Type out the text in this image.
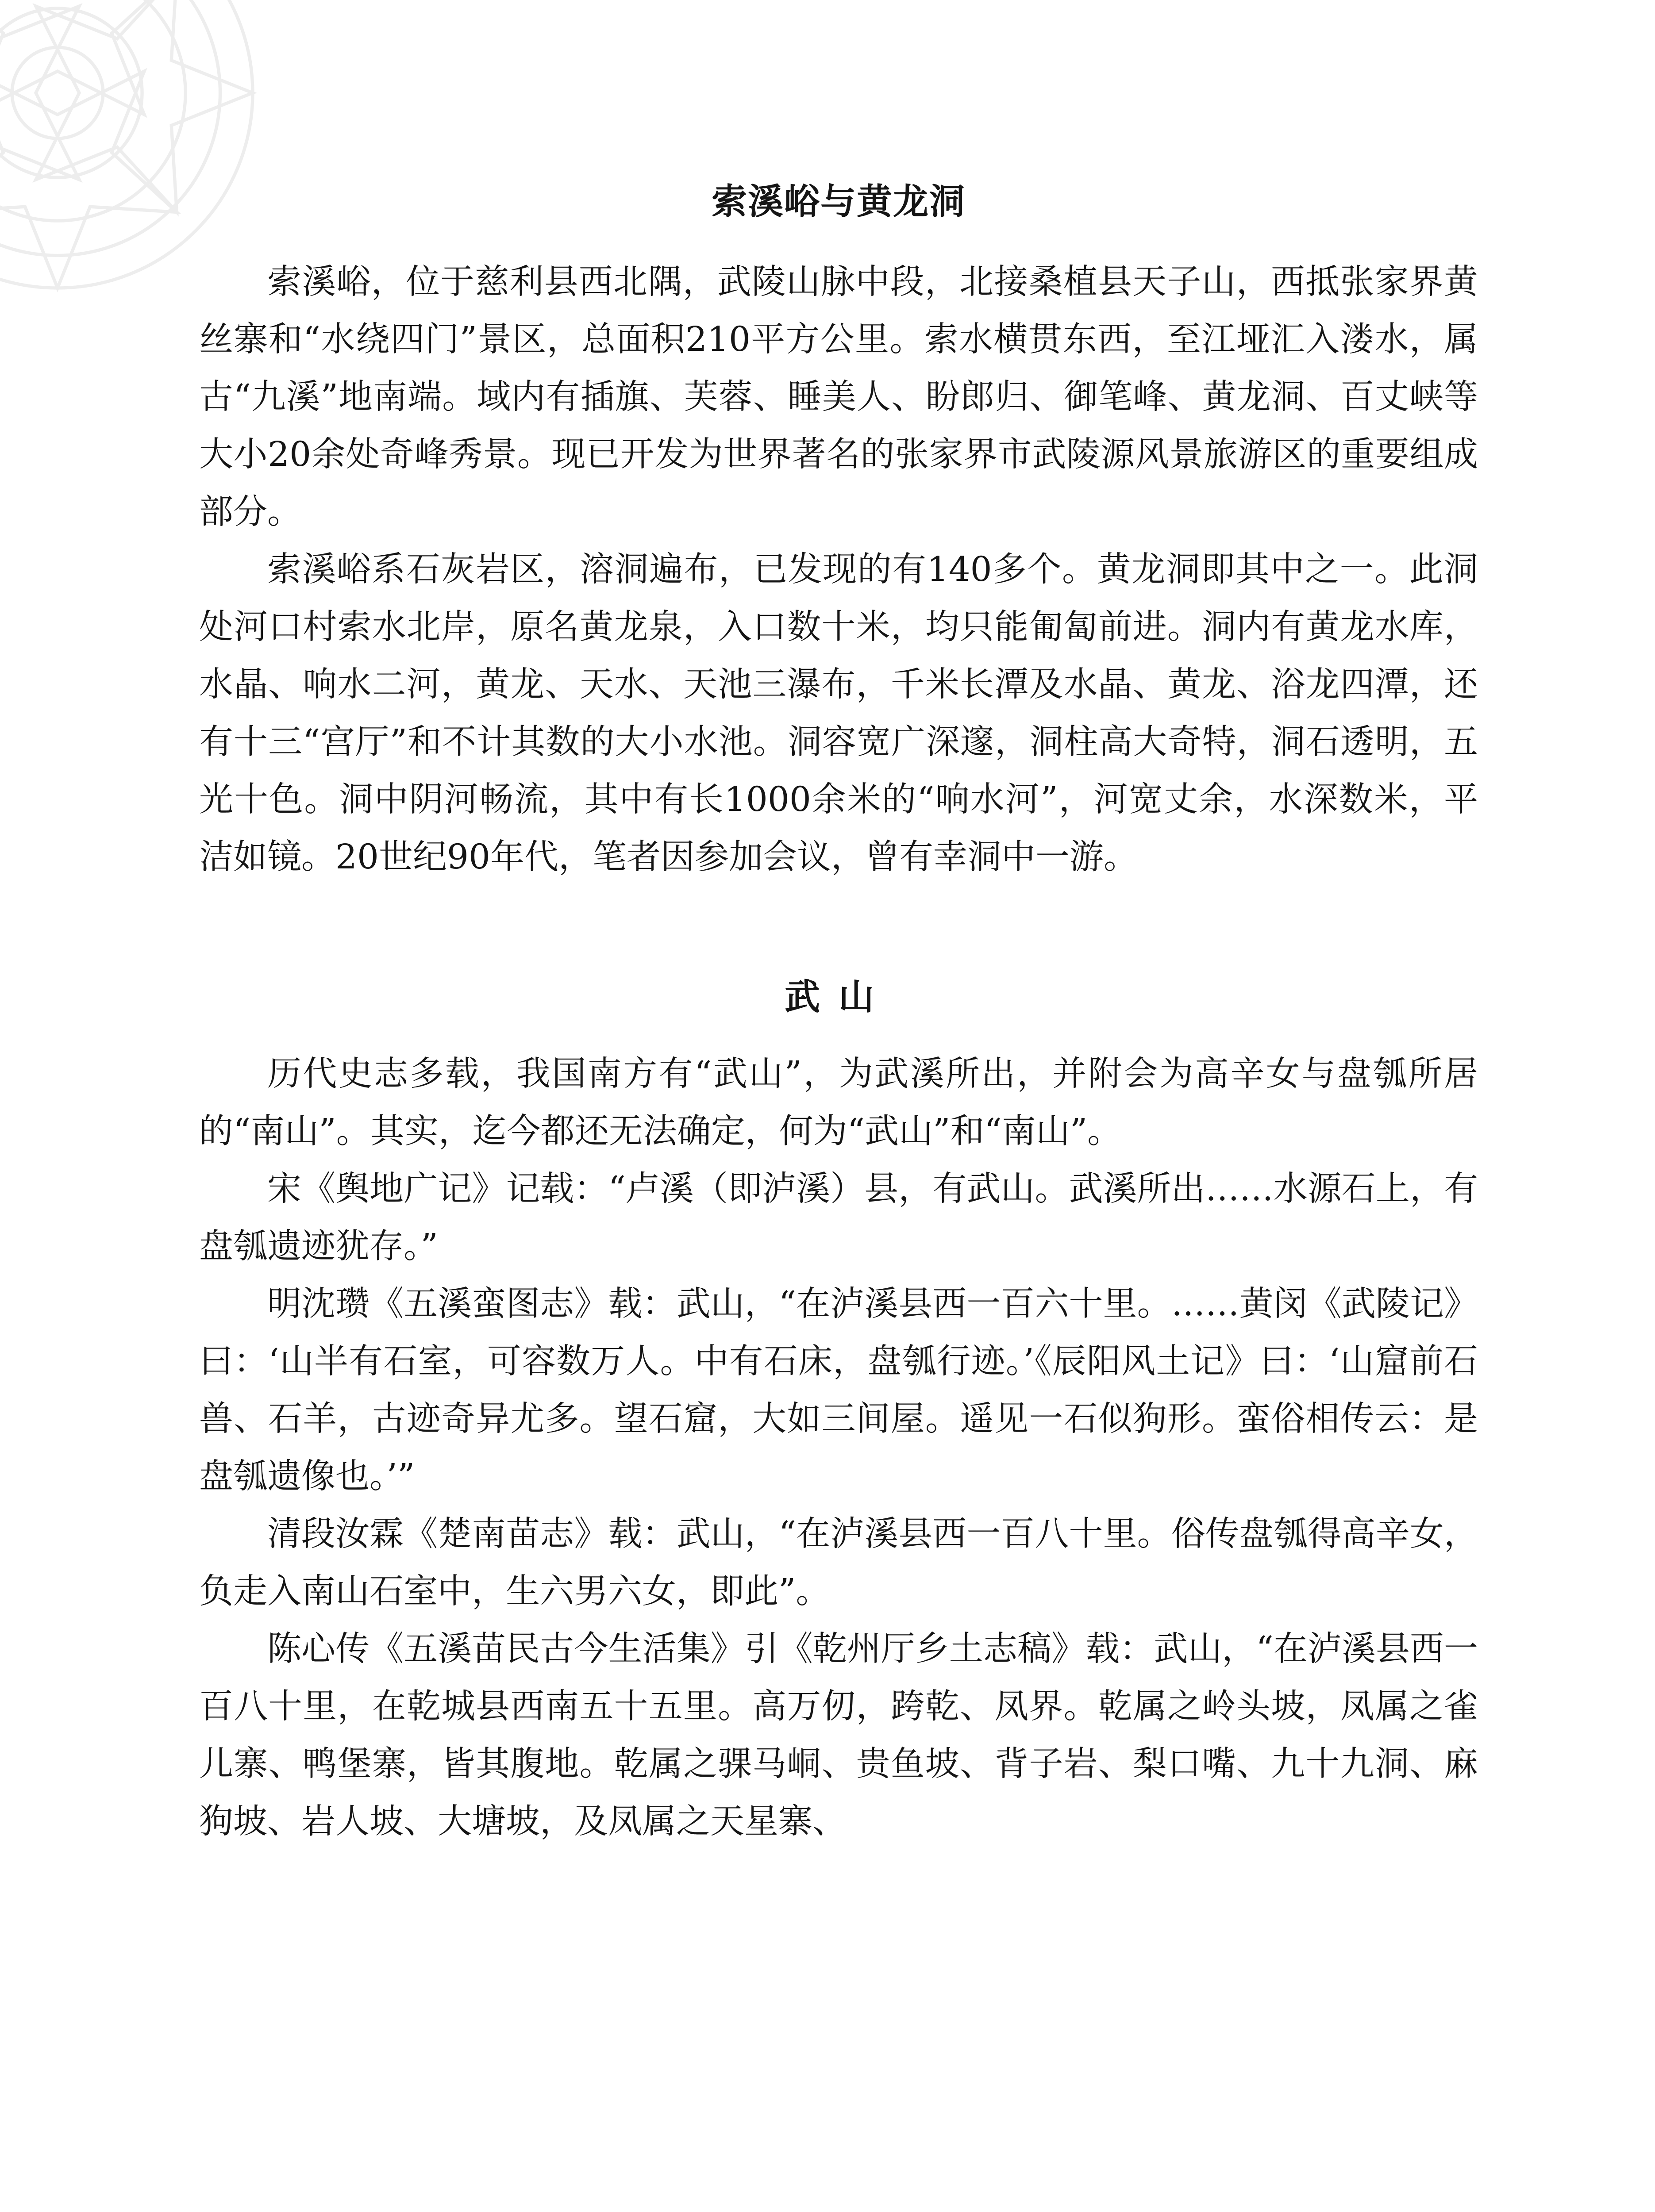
索溪峪与黄龙洞

索溪峪，位于慈利县西北隅，武陵山脉中段，北接桑植县天子山，西抵张家界黄丝寨和“水绕四门”景区，总面积210平方公里。索水横贯东西，至江垭汇入溇水，属古“九溪”地南端。域内有插旗、芙蓉、睡美人、盼郎归、御笔峰、黄龙洞、百丈峡等大小20余处奇峰秀景。现已开发为世界著名的张家界市武陵源风景旅游区的重要组成部分。

索溪峪系石灰岩区，溶洞遍布，已发现的有140多个。黄龙洞即其中之一。此洞处河口村索水北岸，原名黄龙泉，入口数十米，均只能匍匐前进。洞内有黄龙水库，水晶、响水二河，黄龙、天水、天池三瀑布，千米长潭及水晶、黄龙、浴龙四潭，还有十三“宫厅”和不计其数的大小水池。洞容宽广深邃，洞柱高大奇特，洞石透明，五光十色。洞中阴河畅流，其中有长1000余米的“响水河”，河宽丈余，水深数米，平洁如镜。20世纪90年代，笔者因参加会议，曾有幸洞中一游。

武山

历代史志多载，我国南方有“武山”，为武溪所出，并附会为高辛女与盘瓠所居的“南山”。其实，迄今都还无法确定，何为“武山”和“南山”。

宋《舆地广记》记载：“卢溪（即泸溪）县，有武山。武溪所出……水源石上，有盘瓠遗迹犹存。”

明沈瓒《五溪蛮图志》载：武山，“在泸溪县西一百六十里。……黄闵《武陵记》曰：‘山半有石室，可容数万人。中有石床，盘瓠行迹。’《辰阳风土记》曰：‘山窟前石兽、石羊，古迹奇异尤多。望石窟，大如三间屋。遥见一石似狗形。蛮俗相传云：是盘瓠遗像也。’”

清段汝霖《楚南苗志》载：武山，“在泸溪县西一百八十里。俗传盘瓠得高辛女，负走入南山石室中，生六男六女，即此”。

陈心传《五溪苗民古今生活集》引《乾州厅乡土志稿》载：武山，“在泸溪县西一百八十里，在乾城县西南五十五里。高万仞，跨乾、凤界。乾属之岭头坡，凤属之雀儿寨、鸭堡寨，皆其腹地。乾属之骒马峒、贵鱼坡、背子岩、梨口嘴、九十九洞、麻狗坡、岩人坡、大塘坡，及凤属之天星寨、
